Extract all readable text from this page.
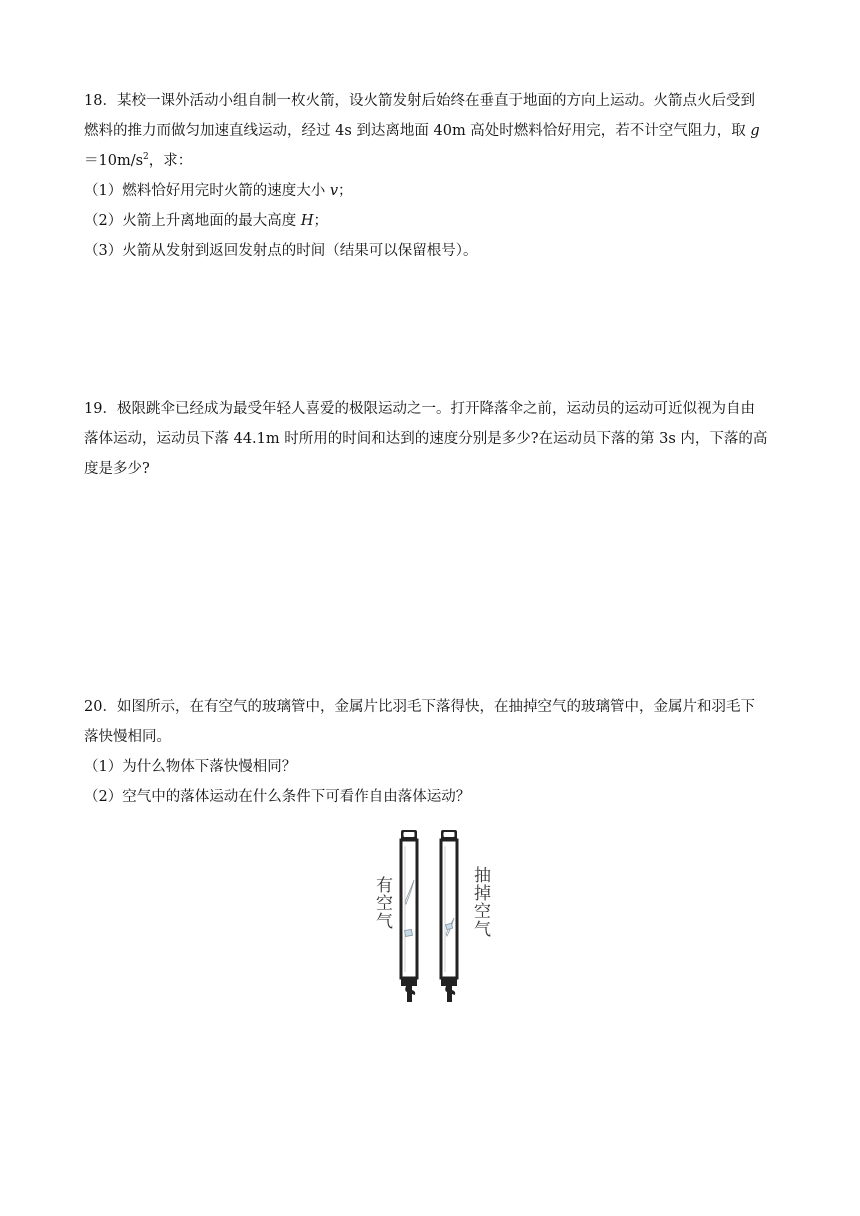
18．某校一课外活动小组自制一枚火箭，设火箭发射后始终在垂直于地面的方向上运动。火箭点火后受到
燃料的推力而做匀加速直线运动，经过 4s 到达离地面 40m 高处时燃料恰好用完，若不计空气阻力，取 g
$=10m/s^2$，求：
（1）燃料恰好用完时火箭的速度大小 v；
（2）火箭上升离地面的最大高度 H；
（3）火箭从发射到返回发射点的时间（结果可以保留根号）。
19．极限跳伞已经成为最受年轻人喜爱的极限运动之一。打开降落伞之前，运动员的运动可近似视为自由
落体运动，运动员下落 44.1m 时所用的时间和达到的速度分别是多少?在运动员下落的第 3s 内，下落的高
度是多少?
20．如图所示，在有空气的玻璃管中，金属片比羽毛下落得快，在抽掉空气的玻璃管中，金属片和羽毛下
落快慢相同。
（1）为什么物体下落快慢相同？
（2）空气中的落体运动在什么条件下可看作自由落体运动？
有空气	抽掉空气
